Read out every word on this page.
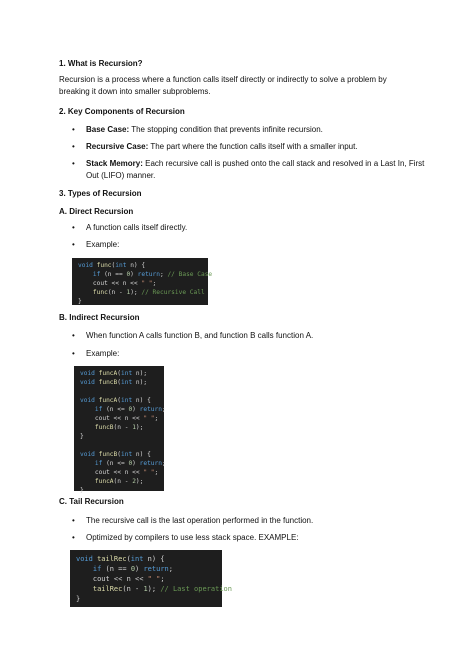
1. What is Recursion?
Recursion is a process where a function calls itself directly or indirectly to solve a problem by
breaking it down into smaller subproblems.
2. Key Components of Recursion
• Base Case: The stopping condition that prevents infinite recursion.
• Recursive Case: The part where the function calls itself with a smaller input.
• Stack Memory: Each recursive call is pushed onto the call stack and resolved in a Last In, First
Out (LIFO) manner.
3. Types of Recursion
A. Direct Recursion
• A function calls itself directly.
• Example:
void func(int n) {
if (n == 0) return; // Base Case
cout << n << " ";
func(n - 1); // Recursive Call
}
B. Indirect Recursion
• When function A calls function B, and function B calls function A.
• Example:
void funcA(int n);
void funcB(int n);

void funcA(int n) {
if (n <= 0) return;
cout << n << " ";
funcB(n - 1);
}

void funcB(int n) {
if (n <= 0) return;
cout << n << " ";
funcA(n - 2);
}
C. Tail Recursion
• The recursive call is the last operation performed in the function.
• Optimized by compilers to use less stack space. EXAMPLE:
void tailRec(int n) {
if (n == 0) return;
cout << n << " ";
tailRec(n - 1); // Last operation
}
